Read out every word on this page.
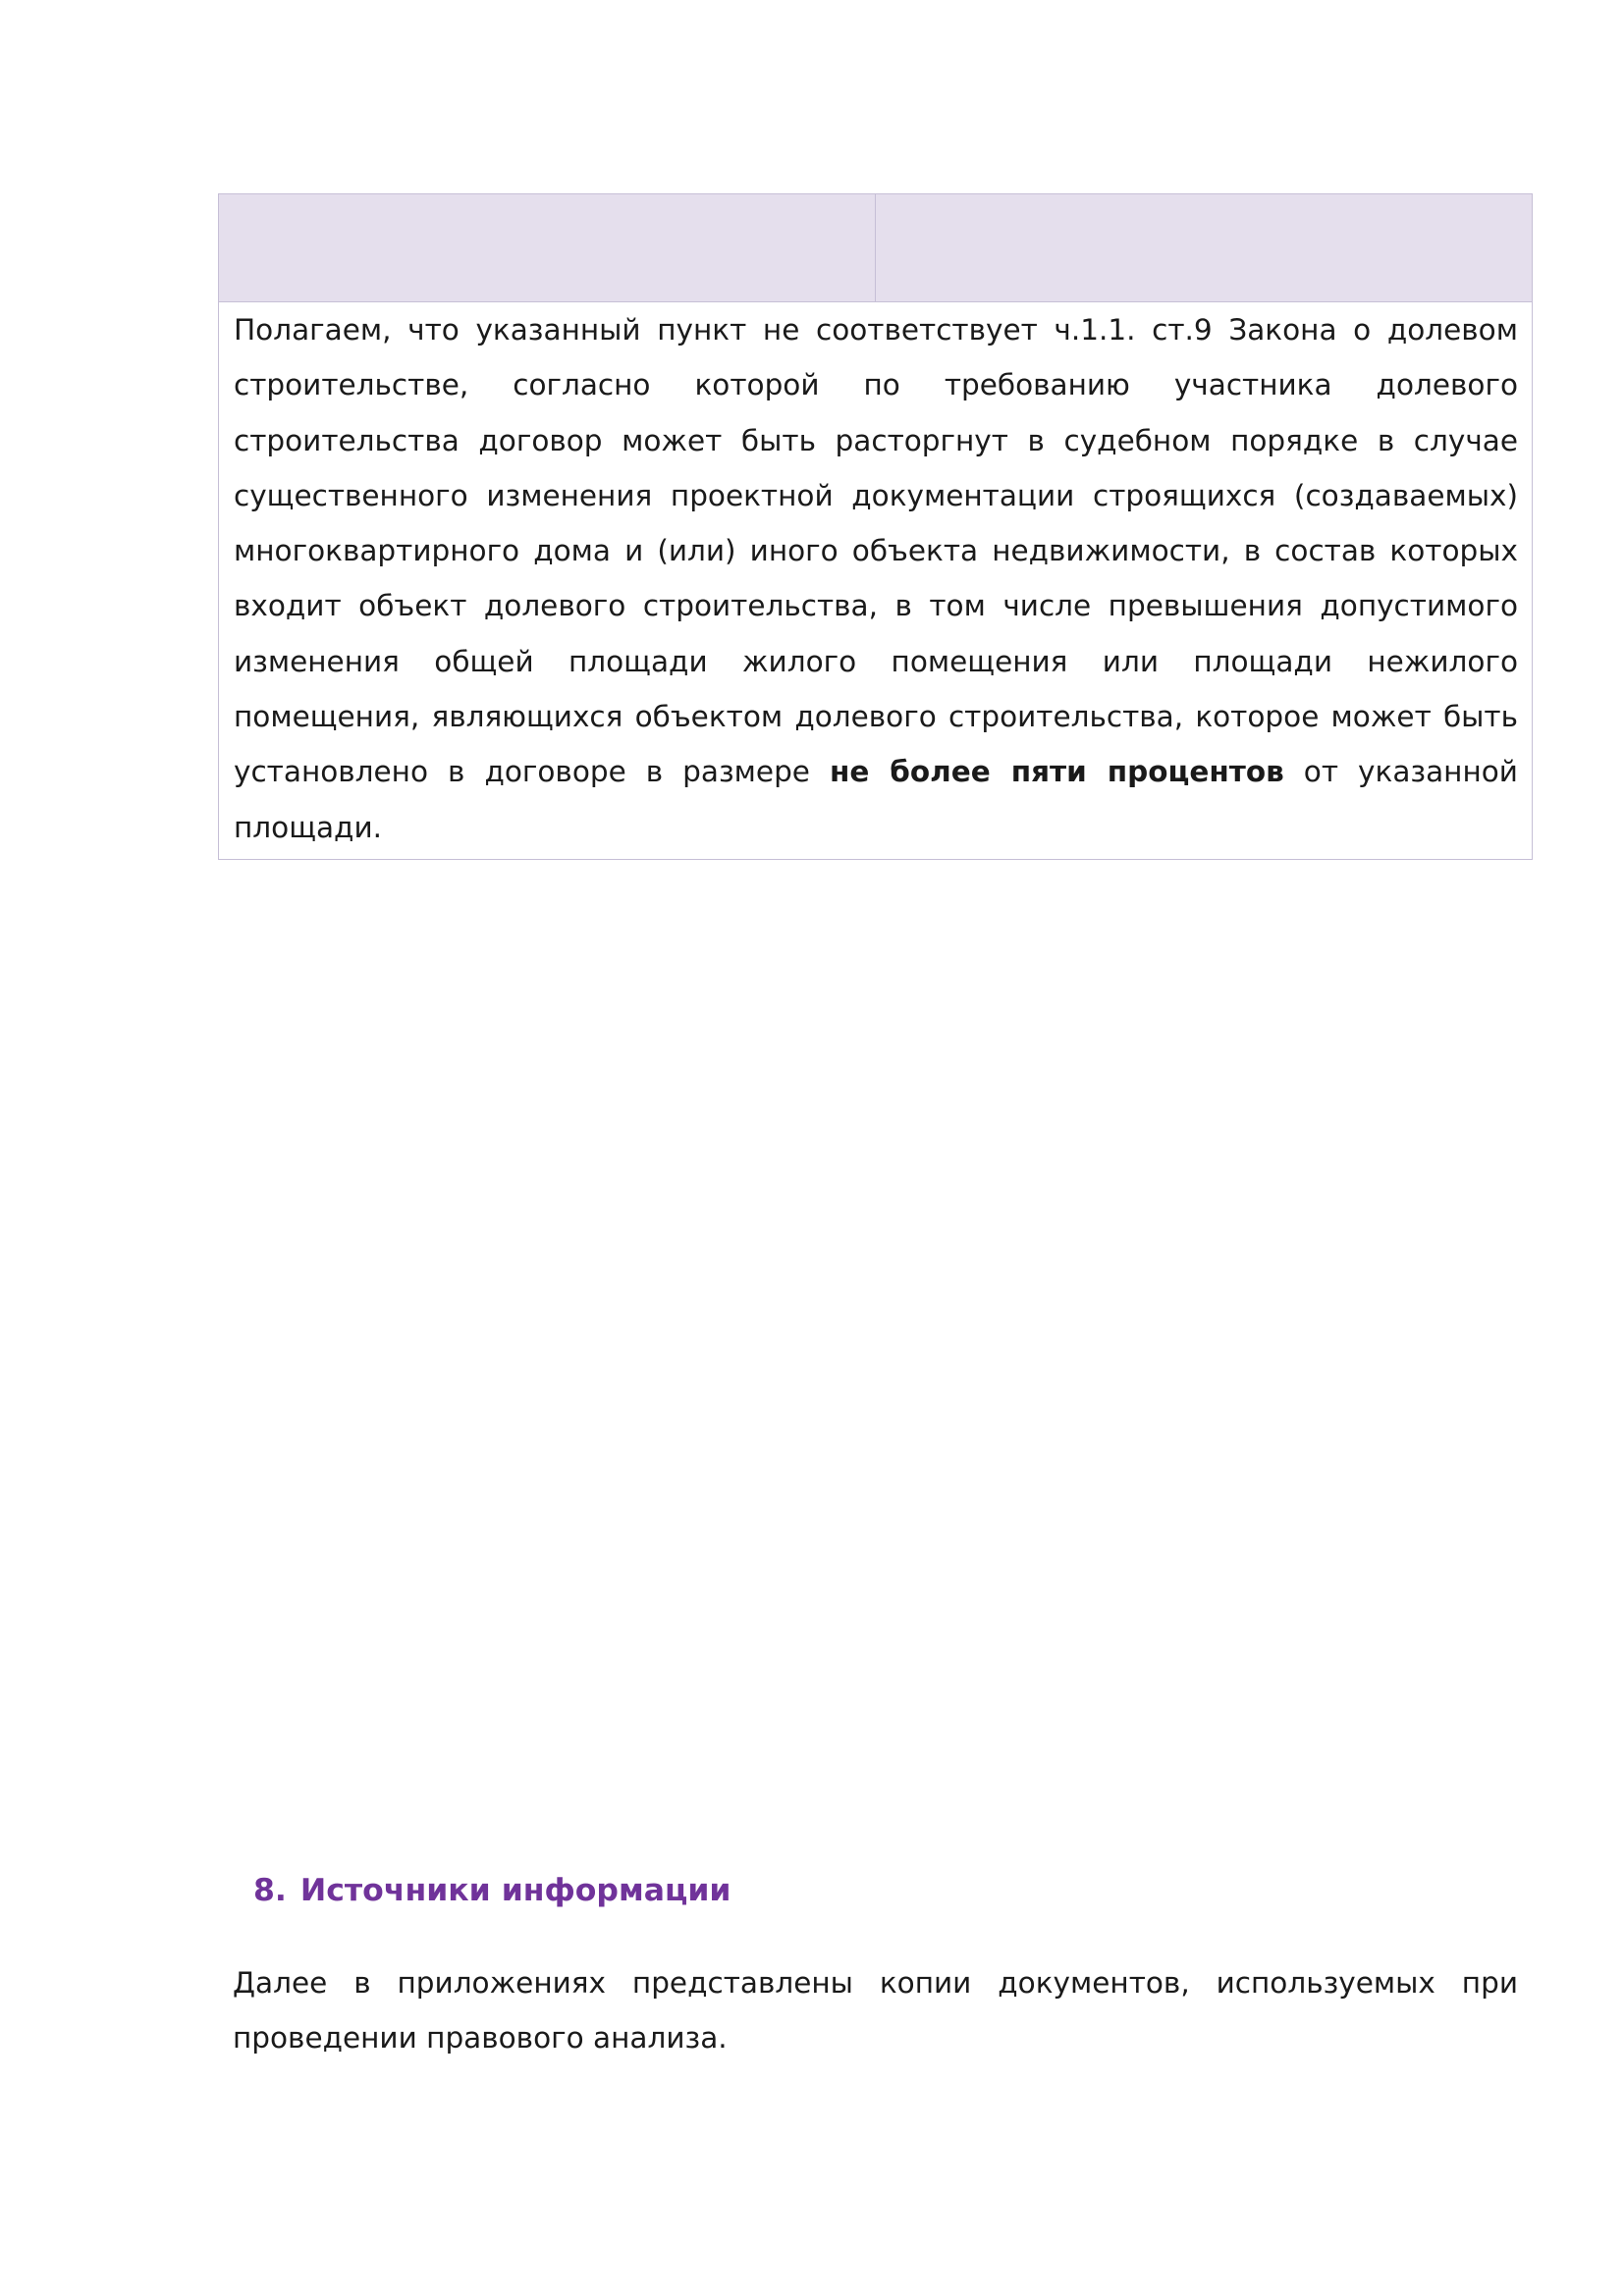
Полагаем, что указанный пункт не соответствует ч.1.1. ст.9 Закона о долевом строительстве, согласно которой по требованию участника долевого строительства договор может быть расторгнут в судебном порядке в случае существенного изменения проектной документации строящихся (создаваемых) многоквартирного дома и (или) иного объекта недвижимости, в состав которых входит объект долевого строительства, в том числе превышения допустимого изменения общей площади жилого помещения или площади нежилого помещения, являющихся объектом долевого строительства, которое может быть установлено в договоре в размере не более пяти процентов от указанной площади.
8. Источники информации

Далее в приложениях представлены копии документов, используемых при проведении правового анализа.
